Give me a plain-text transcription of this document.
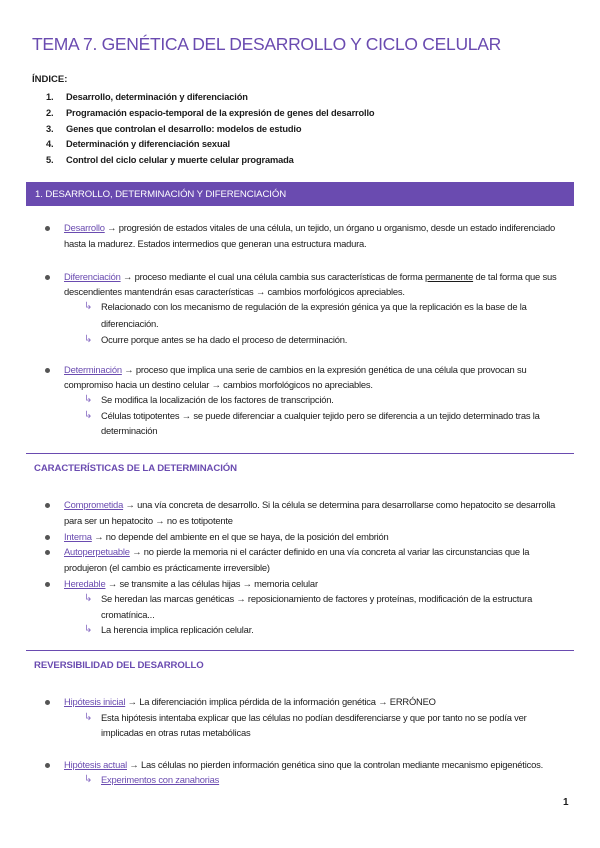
TEMA 7. GENÉTICA DEL DESARROLLO Y CICLO CELULAR
ÍNDICE:
1. Desarrollo, determinación y diferenciación
2. Programación espacio-temporal de la expresión de genes del desarrollo
3. Genes que controlan el desarrollo: modelos de estudio
4. Determinación y diferenciación sexual
5. Control del ciclo celular y muerte celular programada
1. DESARROLLO, DETERMINACIÓN Y DIFERENCIACIÓN
Desarrollo → progresión de estados vitales de una célula, un tejido, un órgano u organismo, desde un estado indiferenciado
hasta la madurez. Estados intermedios que generan una estructura madura.
Diferenciación → proceso mediante el cual una célula cambia sus características de forma permanente de tal forma que sus
descendientes mantendrán esas características → cambios morfológicos apreciables.
↳ Relacionado con los mecanismo de regulación de la expresión génica ya que la replicación es la base de la
diferenciación.
↳ Ocurre porque antes se ha dado el proceso de determinación.
Determinación → proceso que implica una serie de cambios en la expresión genética de una célula que provocan su
compromiso hacia un destino celular → cambios morfológicos no apreciables.
↳ Se modifica la localización de los factores de transcripción.
↳ Células totipotentes → se puede diferenciar a cualquier tejido pero se diferencia a un tejido determinado tras la
determinación
CARACTERÍSTICAS DE LA DETERMINACIÓN
Comprometida → una vía concreta de desarrollo. Si la célula se determina para desarrollarse como hepatocito se desarrolla
para ser un hepatocito → no es totipotente
Interna → no depende del ambiente en el que se haya, de la posición del embrión
Autoperpetuable → no pierde la memoria ni el carácter definido en una vía concreta al variar las circunstancias que la
produjeron (el cambio es prácticamente irreversible)
Heredable → se transmite a las células hijas → memoria celular
↳ Se heredan las marcas genéticas → reposicionamiento de factores y proteínas, modificación de la estructura
cromatínica...
↳ La herencia implica replicación celular.
REVERSIBILIDAD DEL DESARROLLO
Hipótesis inicial → La diferenciación implica pérdida de la información genética → ERRÓNEO
↳ Esta hipótesis intentaba explicar que las células no podían desdiferenciarse y que por tanto no se podía ver
implicadas en otras rutas metabólicas
Hipótesis actual → Las células no pierden información genética sino que la controlan mediante mecanismo epigenéticos.
↳ Experimentos con zanahorias
1
